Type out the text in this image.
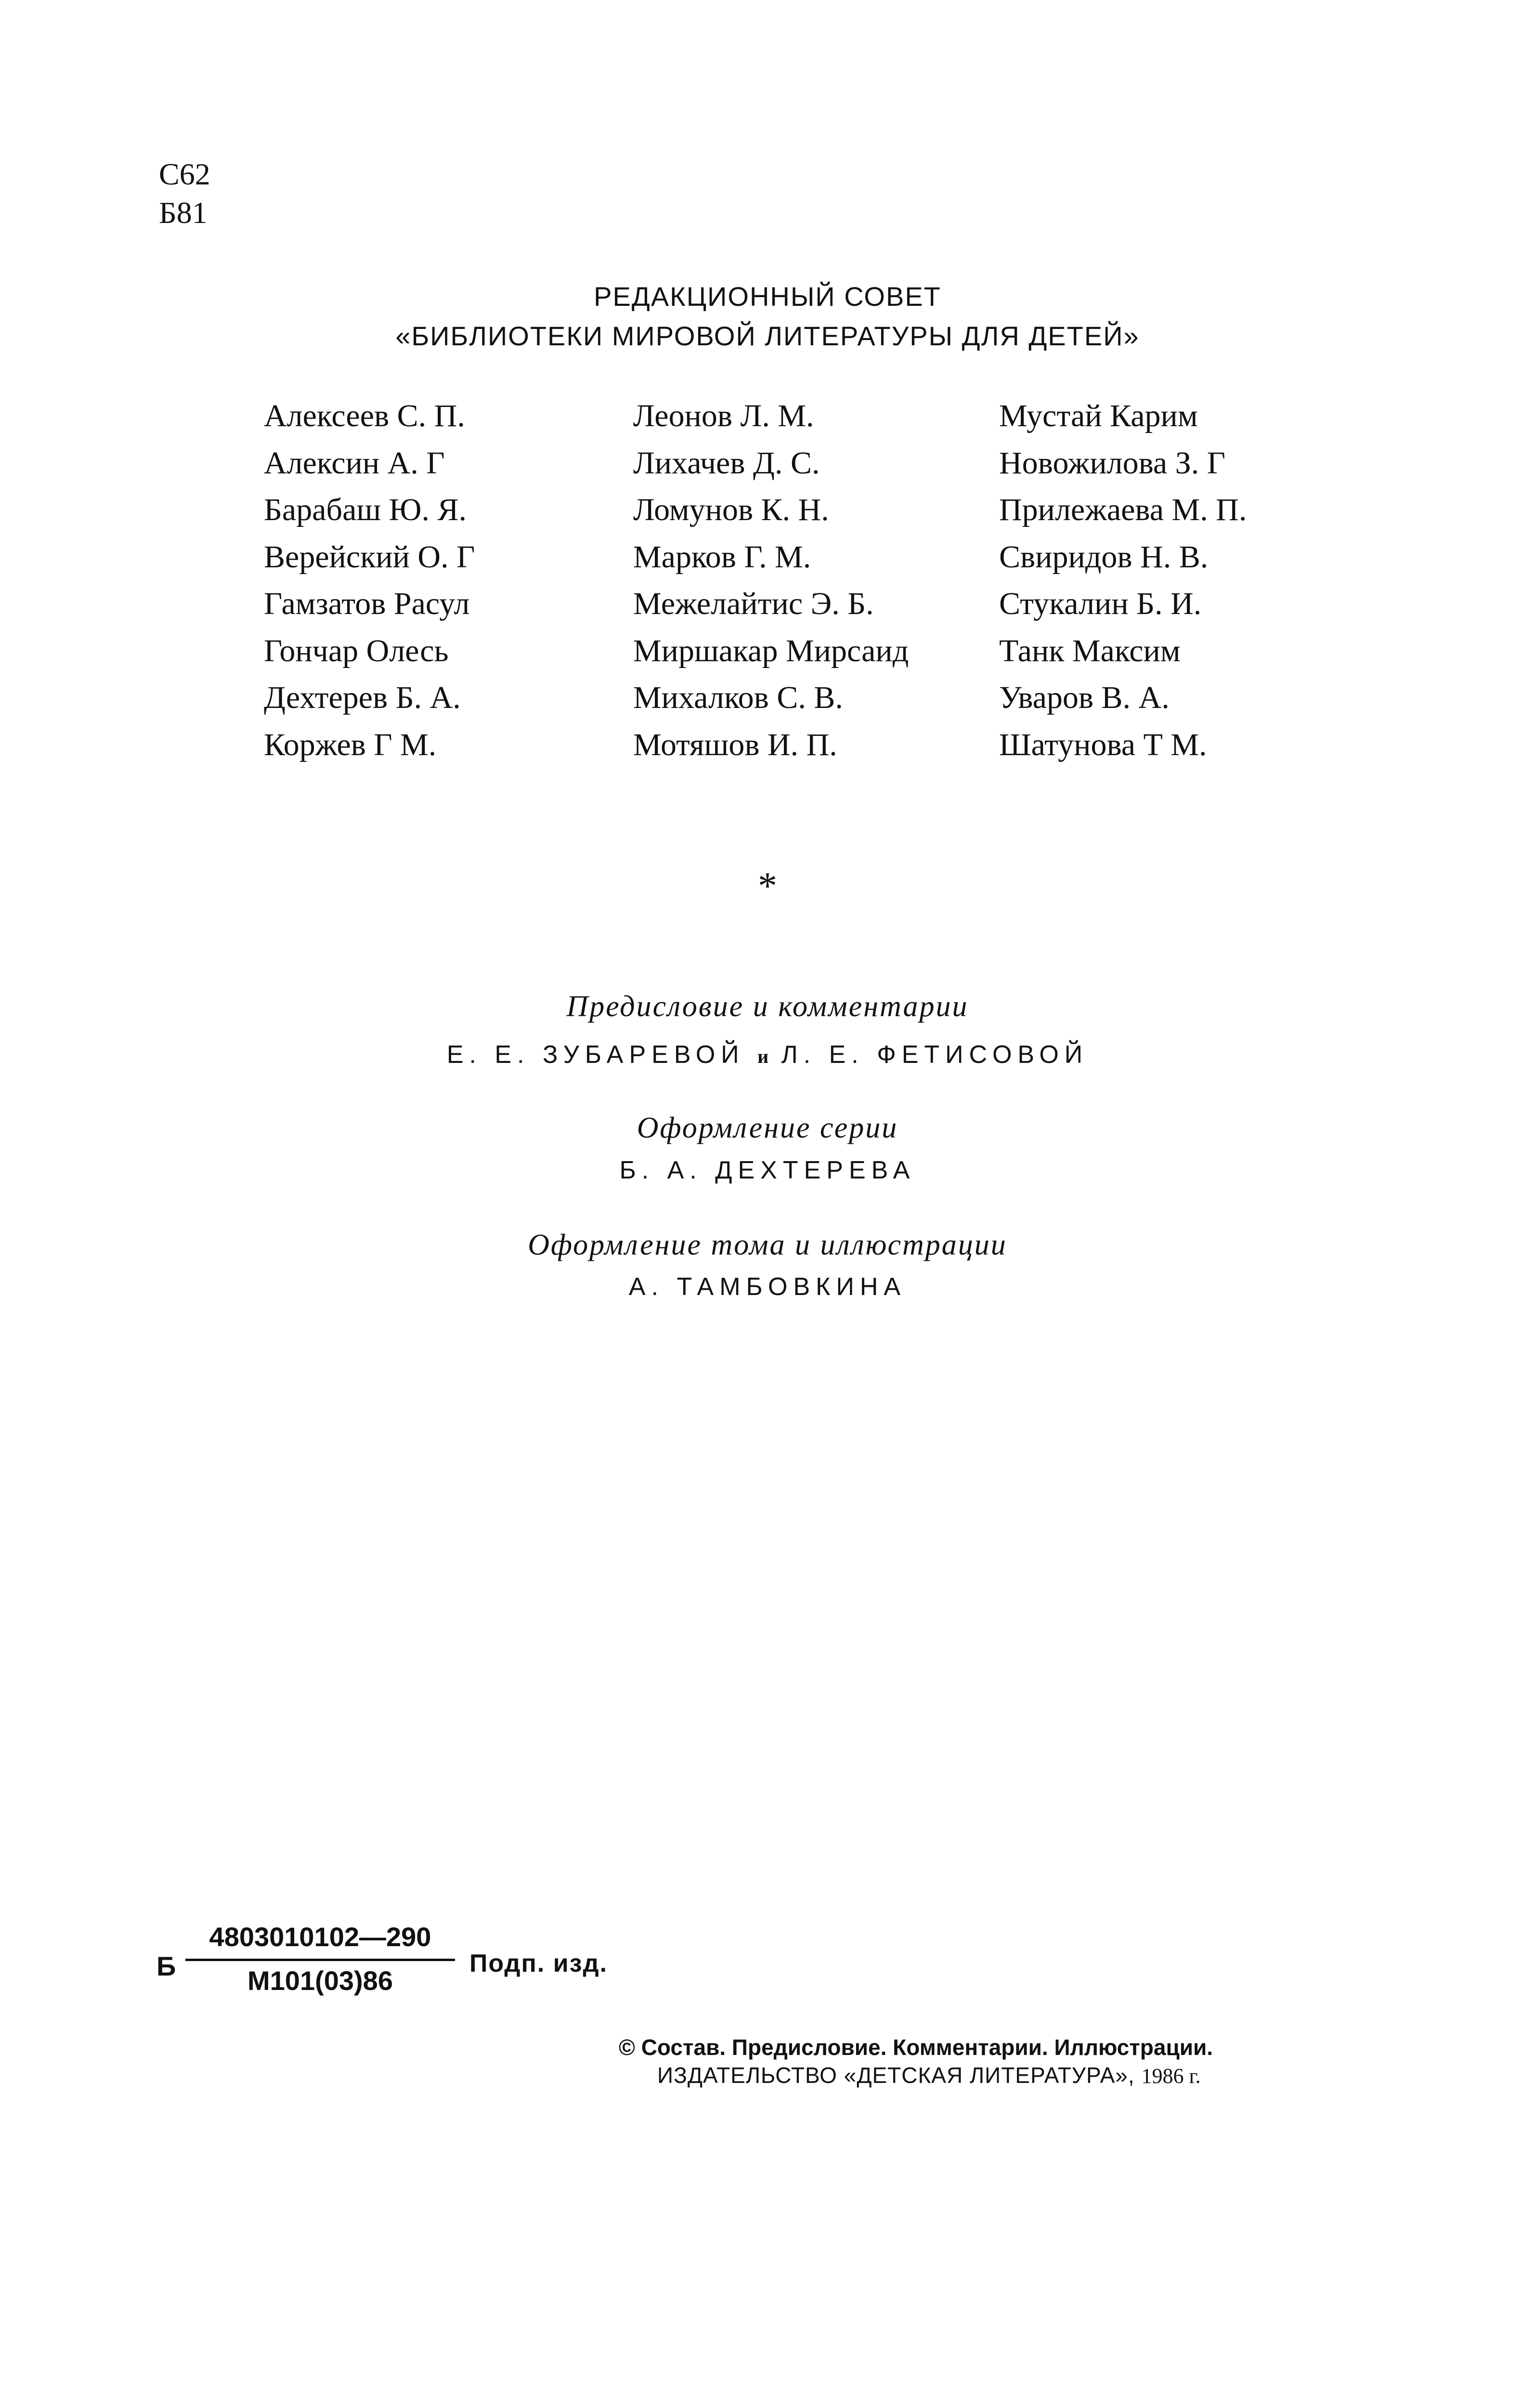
С62
Б81
РЕДАКЦИОННЫЙ СОВЕТ
«БИБЛИОТЕКИ МИРОВОЙ ЛИТЕРАТУРЫ ДЛЯ ДЕТЕЙ»
Алексеев С. П.
Алексин А. Г
Барабаш Ю. Я.
Верейский О. Г
Гамзатов Расул
Гончар Олесь
Дехтерев Б. А.
Коржев Г М.
Леонов Л. М.
Лихачев Д. С.
Ломунов К. Н.
Марков Г. М.
Межелайтис Э. Б.
Миршакар Мирсаид
Михалков С. В.
Мотяшов И. П.
Мустай Карим
Новожилова З. Г
Прилежаева М. П.
Свиридов Н. В.
Стукалин Б. И.
Танк Максим
Уваров В. А.
Шатунова Т М.
*
Предисловие и комментарии
Е. Е. ЗУБАРЕВОЙ и Л. Е. ФЕТИСОВОЙ
Оформление серии
Б. А. ДЕХТЕРЕВА
Оформление тома и иллюстрации
А. ТАМБОВКИНА
Б
4803010102—290
М101(03)86
Подп. изд.
© Состав. Предисловие. Комментарии. Иллюстрации.
ИЗДАТЕЛЬСТВО «ДЕТСКАЯ ЛИТЕРАТУРА», 1986 г.
